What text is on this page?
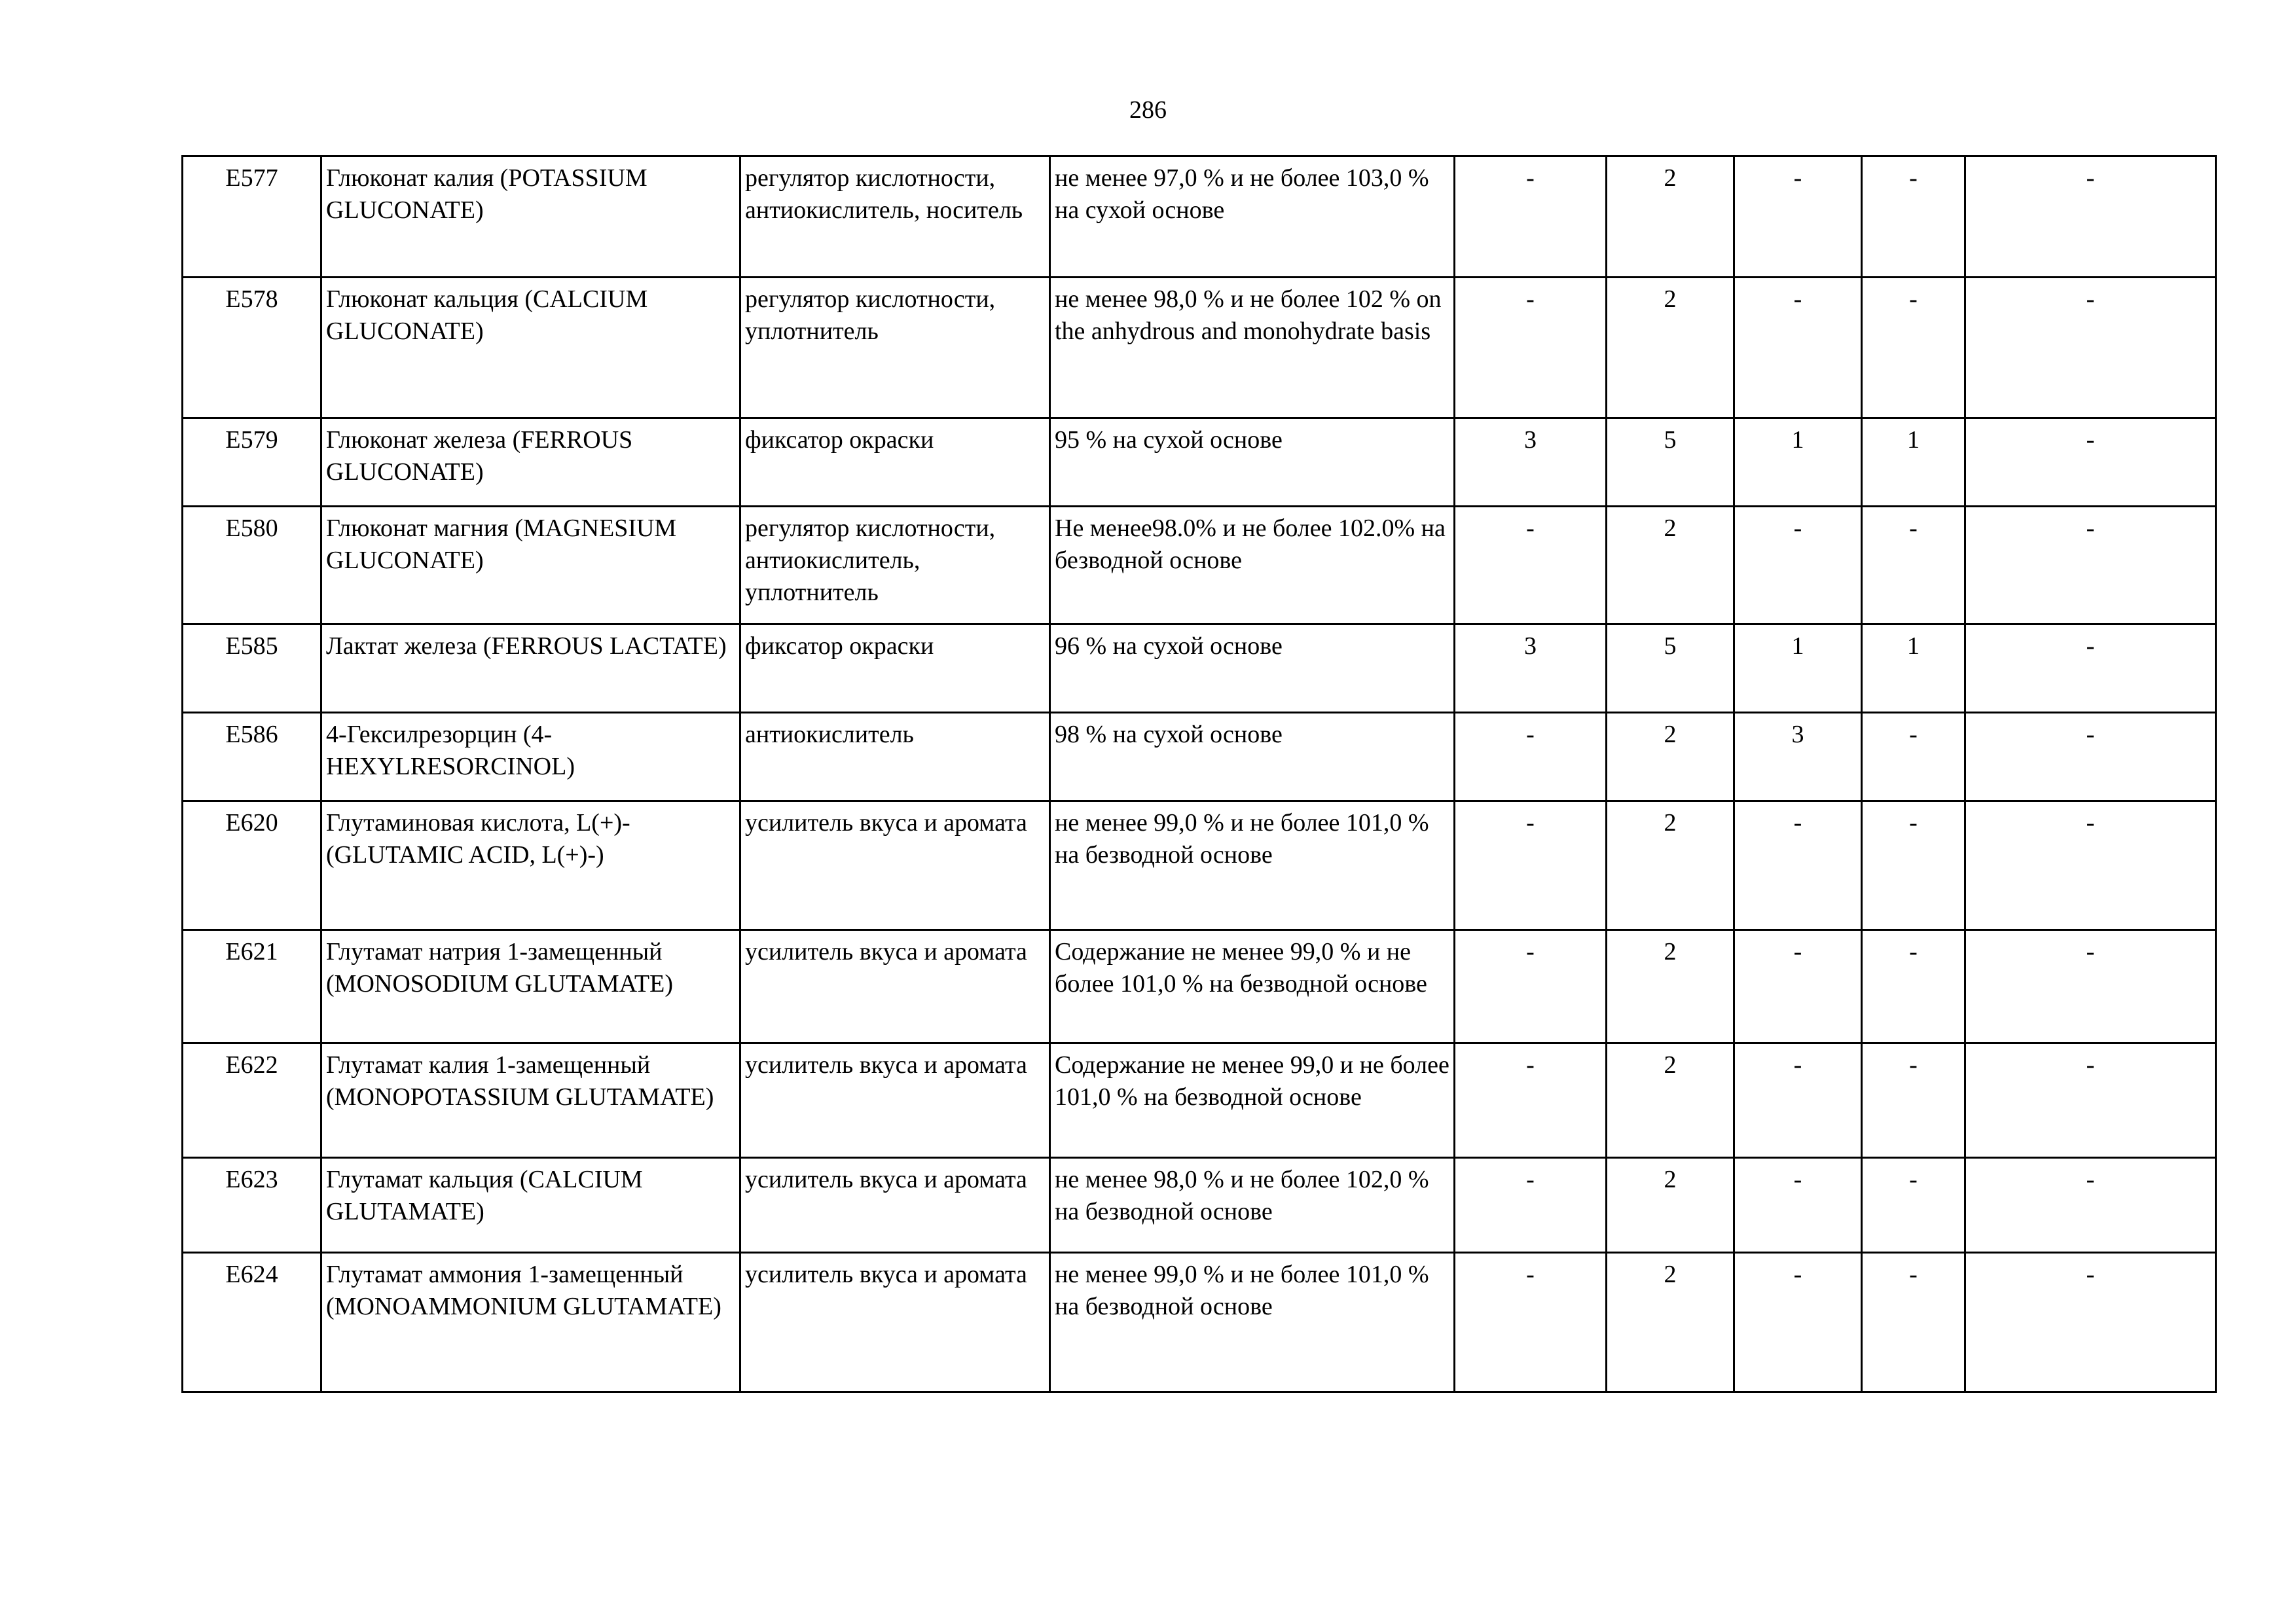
286
E577	Глюконат калия (POTASSIUM GLUCONATE)	регулятор кислотности, антиокислитель, носитель	не менее 97,0 % и не более 103,0 % на сухой основе	-	2	-	-	-
E578	Глюконат кальция (CALCIUM GLUCONATE)	регулятор кислотности, уплотнитель	не менее 98,0 % и не более 102 % on the anhydrous and monohydrate basis	-	2	-	-	-
E579	Глюконат железа (FERROUS GLUCONATE)	фиксатор окраски	95 % на сухой основе	3	5	1	1	-
E580	Глюконат магния (MAGNESIUM GLUCONATE)	регулятор кислотности, антиокислитель, уплотнитель	Не менее98.0% и не более 102.0% на безводной основе	-	2	-	-	-
E585	Лактат железа (FERROUS LACTATE)	фиксатор окраски	96 % на сухой основе	3	5	1	1	-
E586	4-Гексилрезорцин (4-HEXYLRESORCINOL)	антиокислитель	98 % на сухой основе	-	2	3	-	-
E620	Глутаминовая кислота, L(+)- (GLUTAMIC ACID, L(+)-)	усилитель вкуса и аромата	не менее 99,0 % и не более 101,0 % на безводной основе	-	2	-	-	-
E621	Глутамат натрия 1-замещенный (MONOSODIUM GLUTAMATE)	усилитель вкуса и аромата	Содержание не менее 99,0 % и не более 101,0 % на безводной основе	-	2	-	-	-
E622	Глутамат калия 1-замещенный (MONOPOTASSIUM GLUTAMATE)	усилитель вкуса и аромата	Содержание не менее 99,0 и не более 101,0 % на безводной основе	-	2	-	-	-
E623	Глутамат кальция (CALCIUM GLUTAMATE)	усилитель вкуса и аромата	не менее 98,0 % и не более 102,0 % на безводной основе	-	2	-	-	-
E624	Глутамат аммония 1-замещенный (MONOAMMONIUM GLUTAMATE)	усилитель вкуса и аромата	не менее 99,0 % и не более 101,0 % на безводной основе	-	2	-	-	-
